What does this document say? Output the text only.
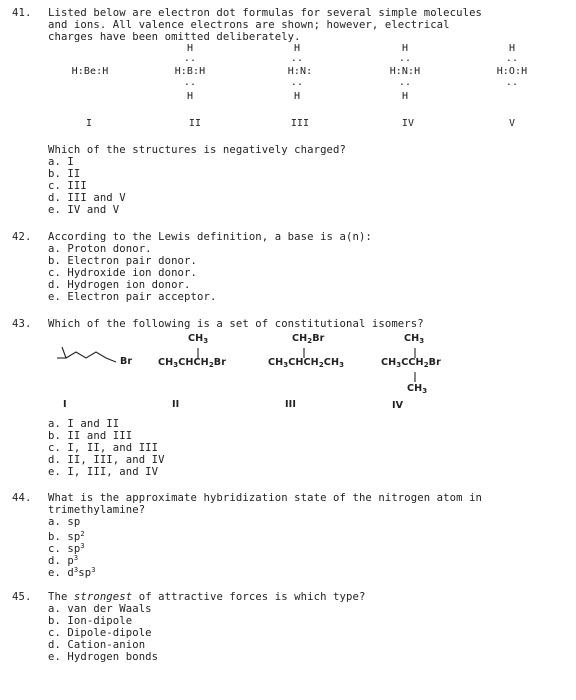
41. Listed below are electron dot formulas for several simple molecules
and ions. All valence electrons are shown; however, electrical
charges have been omitted deliberately.
H:Be:H
I
H
..
H:B:H
..
H
II
H
..
H:N:
..
H
III
H
..
H:N:H
..
H
IV
H
..
H:O:H
..
V
Which of the structures is negatively charged?
a. I
b. II
c. III
d. III and V
e. IV and V
42. According to the Lewis definition, a base is a(n):
a. Proton donor.
b. Electron pair donor.
c. Hydroxide ion donor.
d. Hydrogen ion donor.
e. Electron pair acceptor.
43. Which of the following is a set of constitutional isomers?
Br
I
$CH_3$
$CH_3CHCH_2Br$
II
$CH_2Br$
$CH_3CHCH_2CH_3$
III
$CH_3$
$CH_3CCH_2Br$
$CH_3$
IV
a. I and II
b. II and III
c. I, II, and III
d. II, III, and IV
e. I, III, and IV
44. What is the approximate hybridization state of the nitrogen atom in
trimethylamine?
a. sp
b. $sp^2$
c. $sp^3$
d. $p^3$
e. $d^3sp^3$
45. The strongest of attractive forces is which type?
a. van der Waals
b. Ion-dipole
c. Dipole-dipole
d. Cation-anion
e. Hydrogen bonds
